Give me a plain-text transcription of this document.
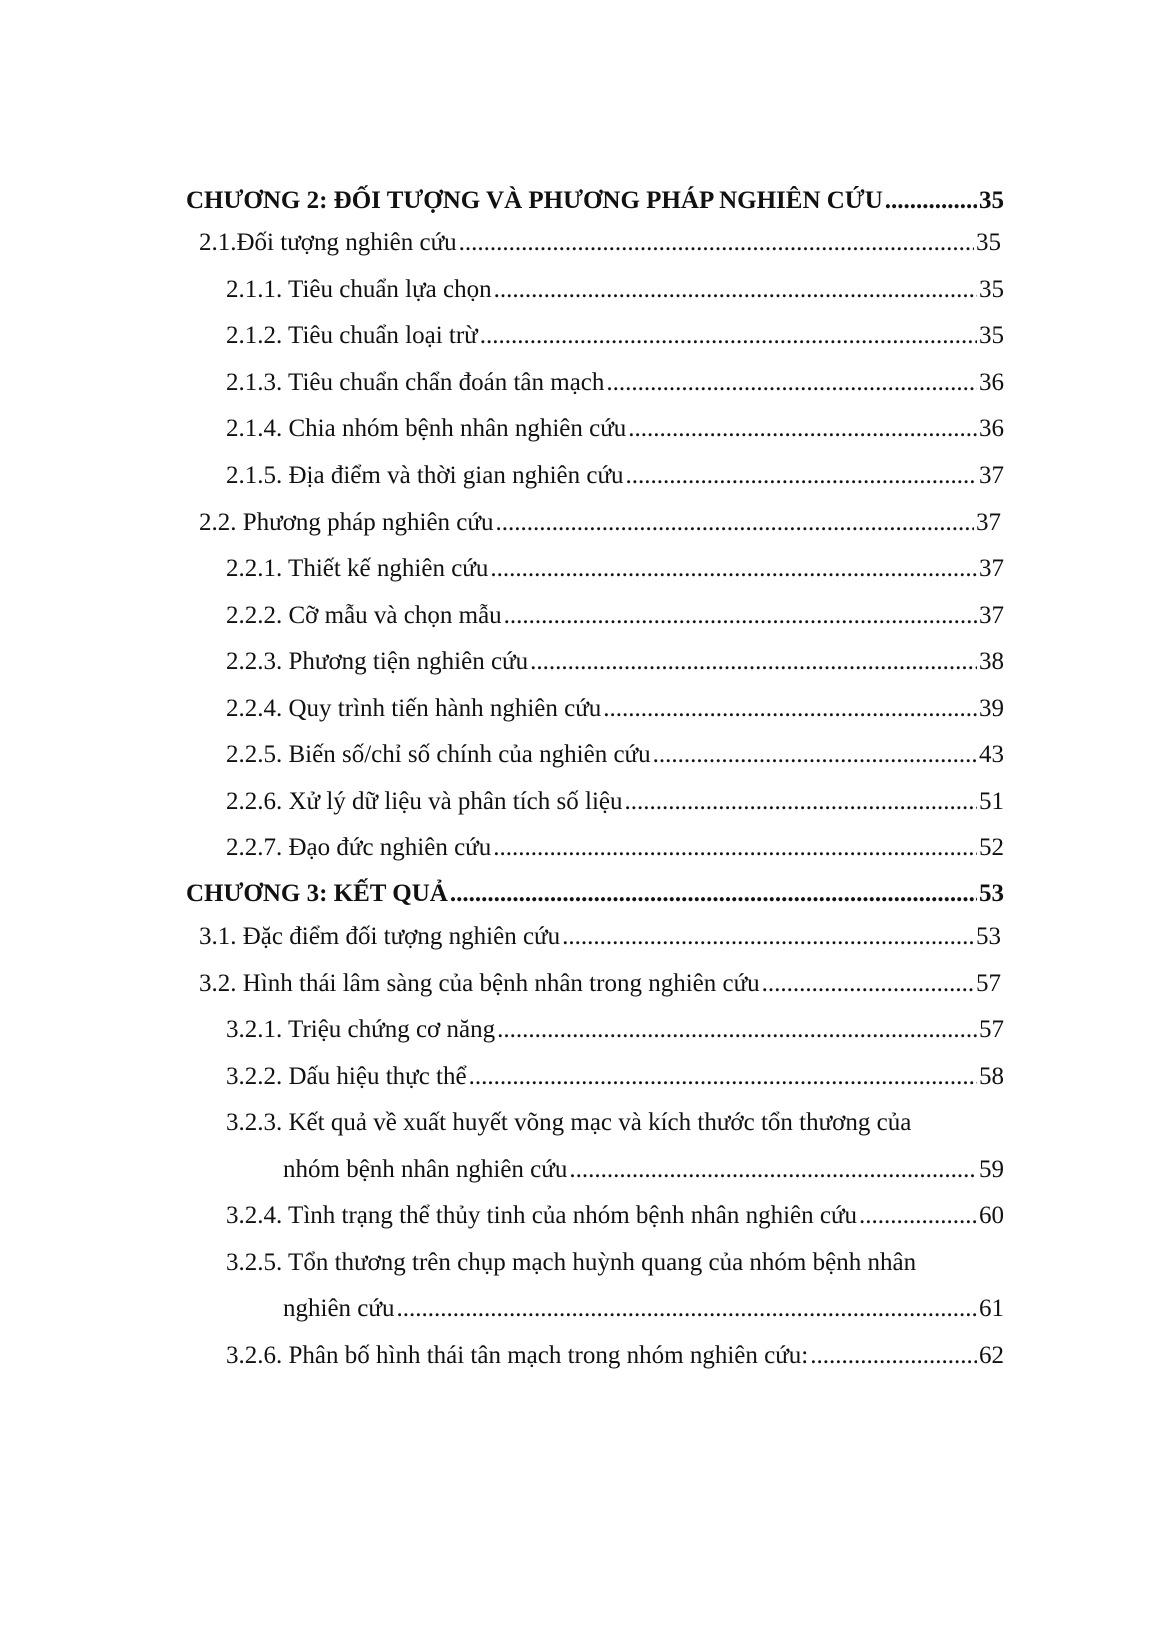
CHƯƠNG 2: ĐỐI TƯỢNG VÀ PHƯƠNG PHÁP NGHIÊN CỨU .....	35
2.1.Đối tượng nghiên cứu .....	35
2.1.1. Tiêu chuẩn lựa chọn .....	35
2.1.2. Tiêu chuẩn loại trừ .....	35
2.1.3. Tiêu chuẩn chẩn đoán tân mạch .....	36
2.1.4. Chia nhóm bệnh nhân nghiên cứu .....	36
2.1.5. Địa điểm và thời gian nghiên cứu .....	37
2.2. Phương pháp nghiên cứu .....	37
2.2.1. Thiết kế nghiên cứu .....	37
2.2.2. Cỡ mẫu và chọn mẫu .....	37
2.2.3. Phương tiện nghiên cứu .....	38
2.2.4. Quy trình tiến hành nghiên cứu .....	39
2.2.5. Biến số/chỉ số chính của nghiên cứu .....	43
2.2.6. Xử lý dữ liệu và phân tích số liệu .....	51
2.2.7. Đạo đức nghiên cứu .....	52
CHƯƠNG 3: KẾT QUẢ .....	53
3.1. Đặc điểm đối tượng nghiên cứu .....	53
3.2. Hình thái lâm sàng của bệnh nhân trong nghiên cứu .....	57
3.2.1. Triệu chứng cơ năng .....	57
3.2.2. Dấu hiệu thực thể .....	58
3.2.3. Kết quả về xuất huyết võng mạc và kích thước tổn thương của
nhóm bệnh nhân nghiên cứu .....	59
3.2.4. Tình trạng thể thủy tinh của nhóm bệnh nhân nghiên cứu .....	60
3.2.5. Tổn thương trên chụp mạch huỳnh quang của nhóm bệnh nhân
nghiên cứu .....	61
3.2.6. Phân bố hình thái tân mạch trong nhóm nghiên cứu: .....	62
